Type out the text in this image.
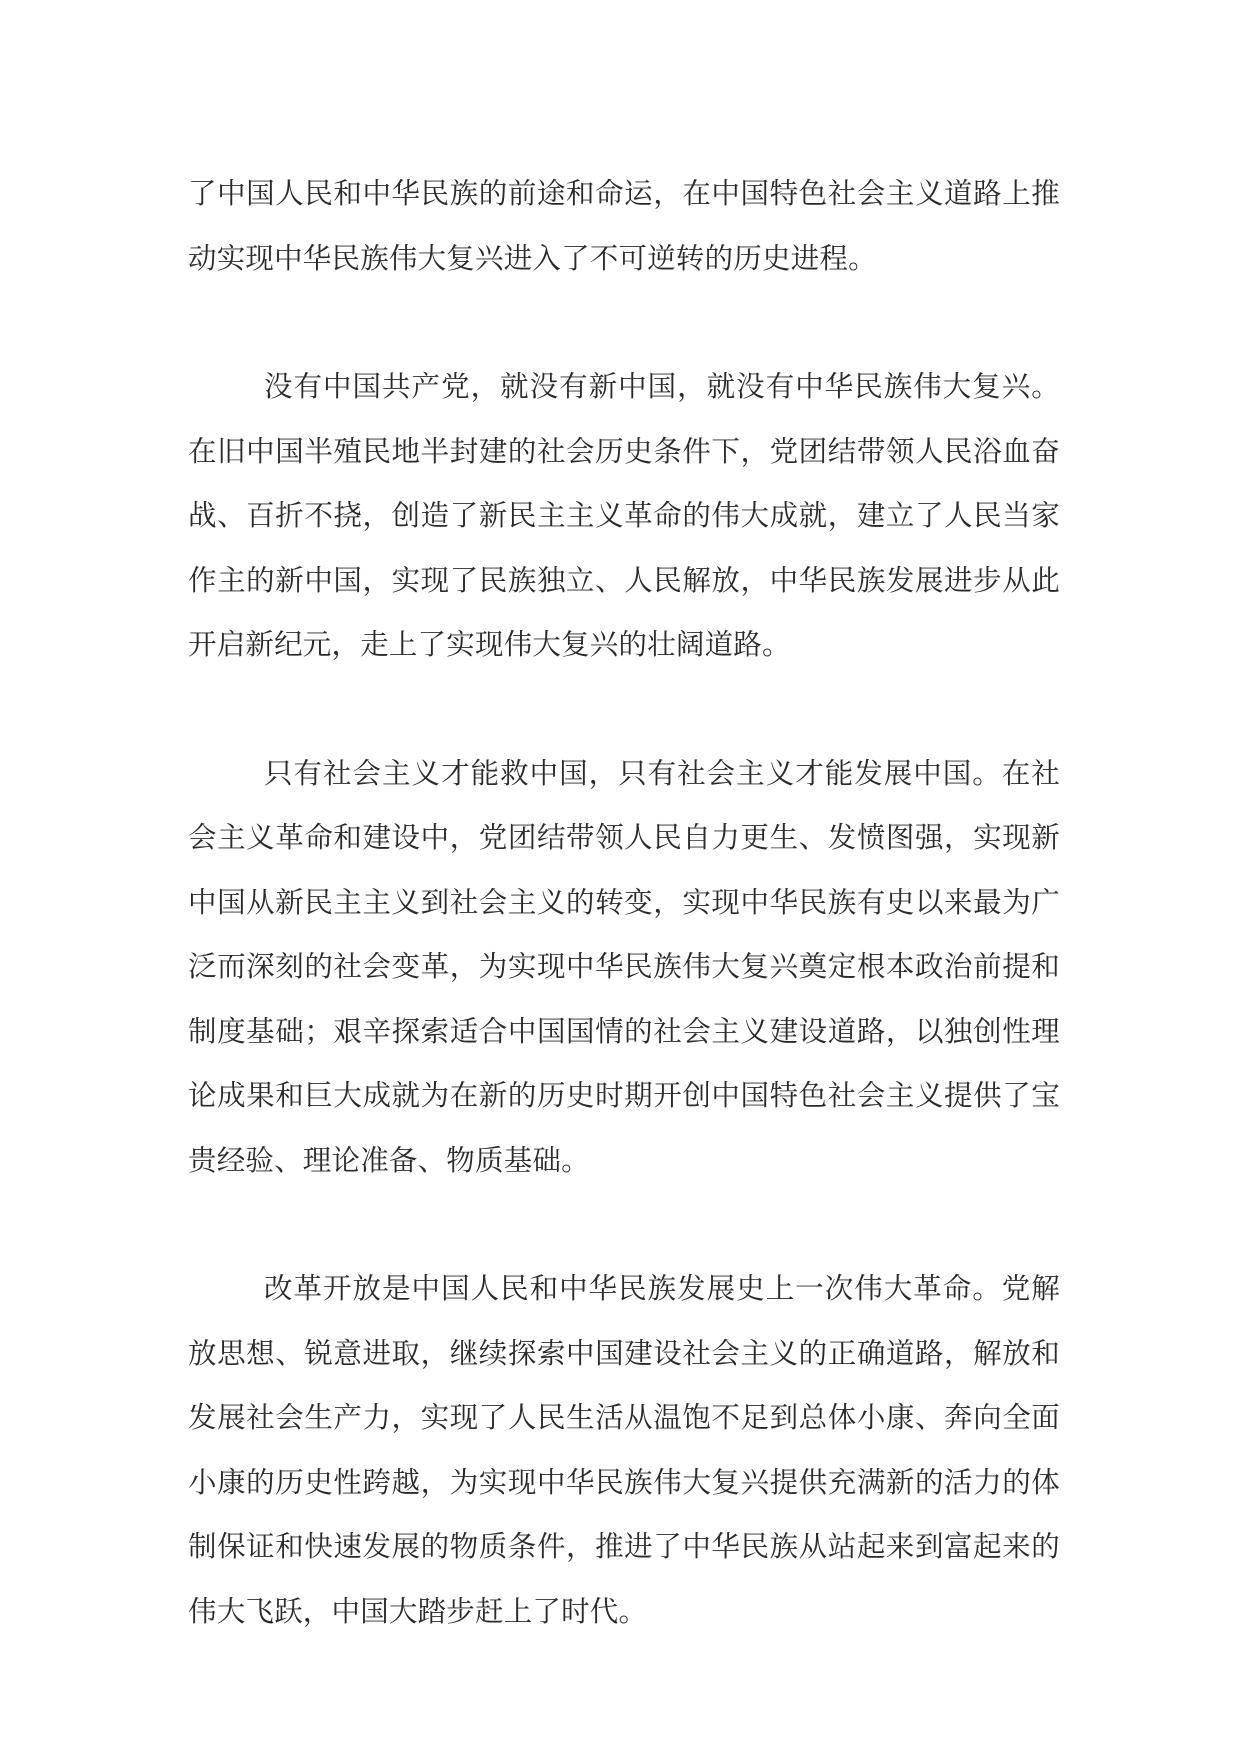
了中国人民和中华民族的前途和命运，在中国特色社会主义道路上推动实现中华民族伟大复兴进入了不可逆转的历史进程。

没有中国共产党，就没有新中国，就没有中华民族伟大复兴。在旧中国半殖民地半封建的社会历史条件下，党团结带领人民浴血奋战、百折不挠，创造了新民主主义革命的伟大成就，建立了人民当家作主的新中国，实现了民族独立、人民解放，中华民族发展进步从此开启新纪元，走上了实现伟大复兴的壮阔道路。

只有社会主义才能救中国，只有社会主义才能发展中国。在社会主义革命和建设中，党团结带领人民自力更生、发愤图强，实现新中国从新民主主义到社会主义的转变，实现中华民族有史以来最为广泛而深刻的社会变革，为实现中华民族伟大复兴奠定根本政治前提和制度基础；艰辛探索适合中国国情的社会主义建设道路，以独创性理论成果和巨大成就为在新的历史时期开创中国特色社会主义提供了宝贵经验、理论准备、物质基础。

改革开放是中国人民和中华民族发展史上一次伟大革命。党解放思想、锐意进取，继续探索中国建设社会主义的正确道路，解放和发展社会生产力，实现了人民生活从温饱不足到总体小康、奔向全面小康的历史性跨越，为实现中华民族伟大复兴提供充满新的活力的体制保证和快速发展的物质条件，推进了中华民族从站起来到富起来的伟大飞跃，中国大踏步赶上了时代。
